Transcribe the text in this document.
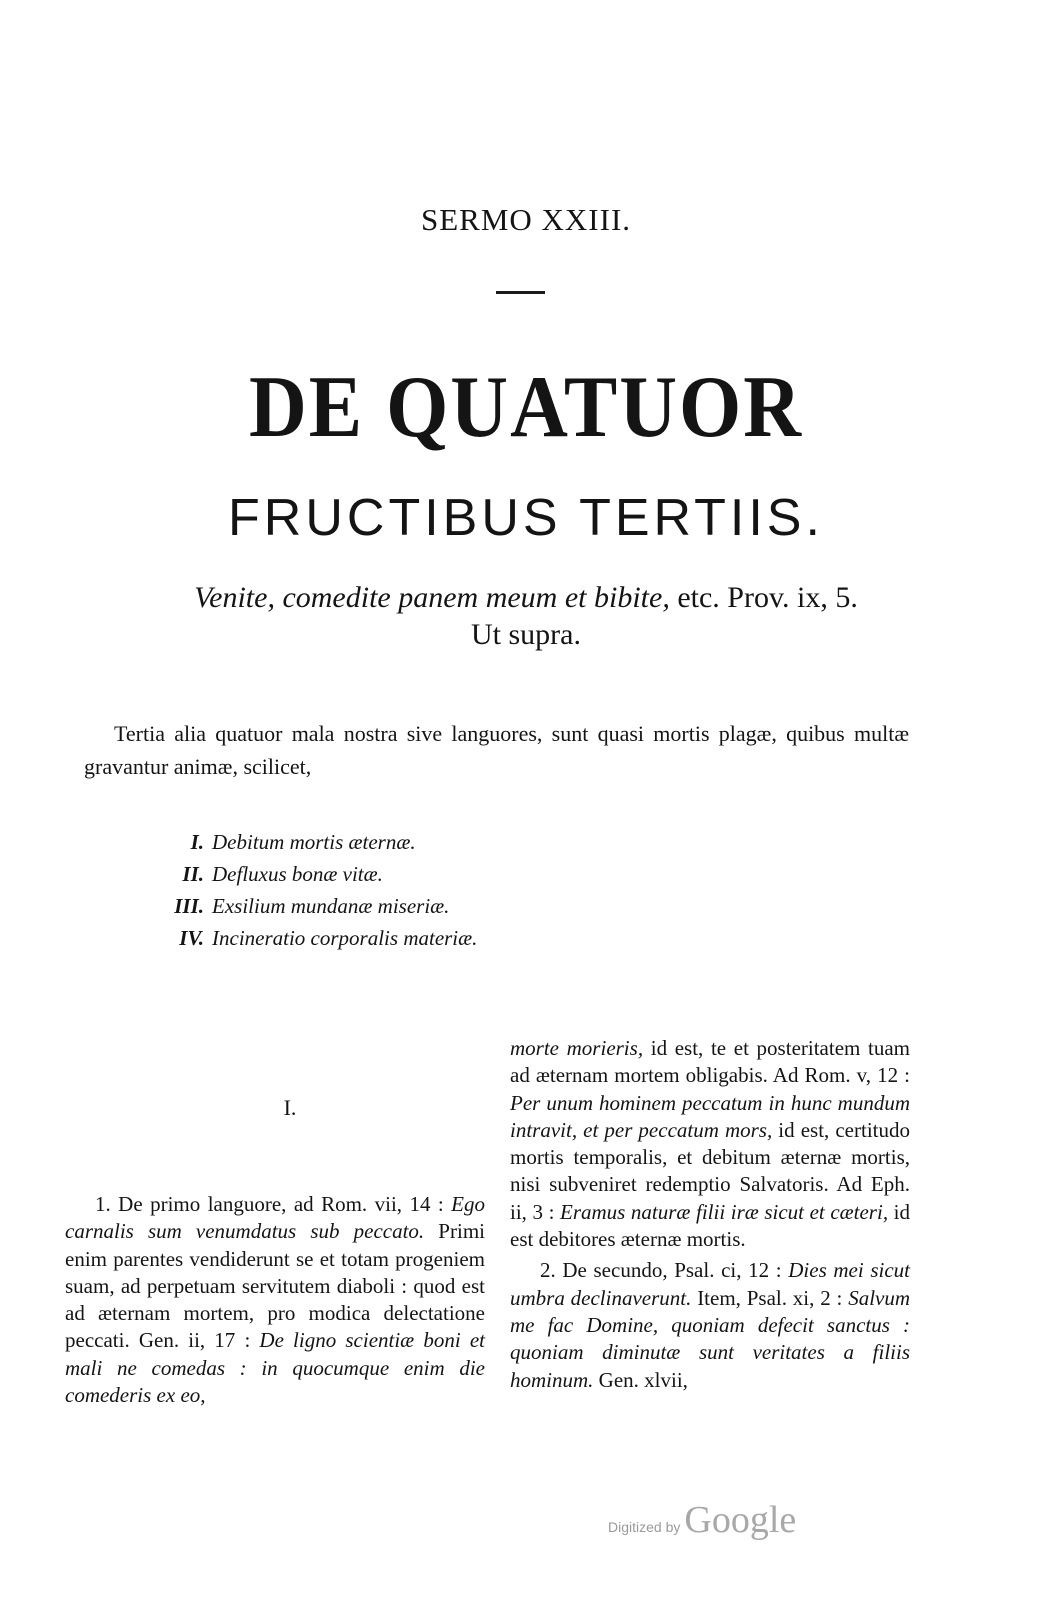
SERMO XXIII.
DE QUATUOR
FRUCTIBUS TERTIIS.
Venite, comedite panem meum et bibite, etc. Prov. ix, 5.
Ut supra.
Tertia alia quatuor mala nostra sive languores, sunt quasi mortis plagæ, quibus multæ gravantur animæ, scilicet,
I. Debitum mortis æternæ.
II. Defluxus bonæ vitæ.
III. Exsilium mundanæ miseriæ.
IV. Incineratio corporalis materiæ.
I.

1. De primo languore, ad Rom. vii, 14 : Ego carnalis sum venumdatus sub peccato. Primi enim parentes vendiderunt se et totam progeniem suam, ad perpetuam servitutem diaboli : quod est ad æternam mortem, pro modica delectatione peccati. Gen. ii, 17 : De ligno scientiæ boni et mali ne comedas : in quocumque enim die comederis ex eo,

morte morieris, id est, te et posteritatem tuam ad æternam mortem obligabis. Ad Rom. v, 12 : Per unum hominem peccatum in hunc mundum intravit, et per peccatum mors, id est, certitudo mortis temporalis, et debitum æternæ mortis, nisi subveniret redemptio Salvatoris. Ad Eph. ii, 3 : Eramus naturæ filii iræ sicut et cæteri, id est debitores æternæ mortis.

2. De secundo, Psal. ci, 12 : Dies mei sicut umbra declinaverunt. Item, Psal. xi, 2 : Salvum me fac Domine, quoniam defecit sanctus : quoniam diminutæ sunt veritates a filiis hominum. Gen. xlvii,

Digitized by Google
